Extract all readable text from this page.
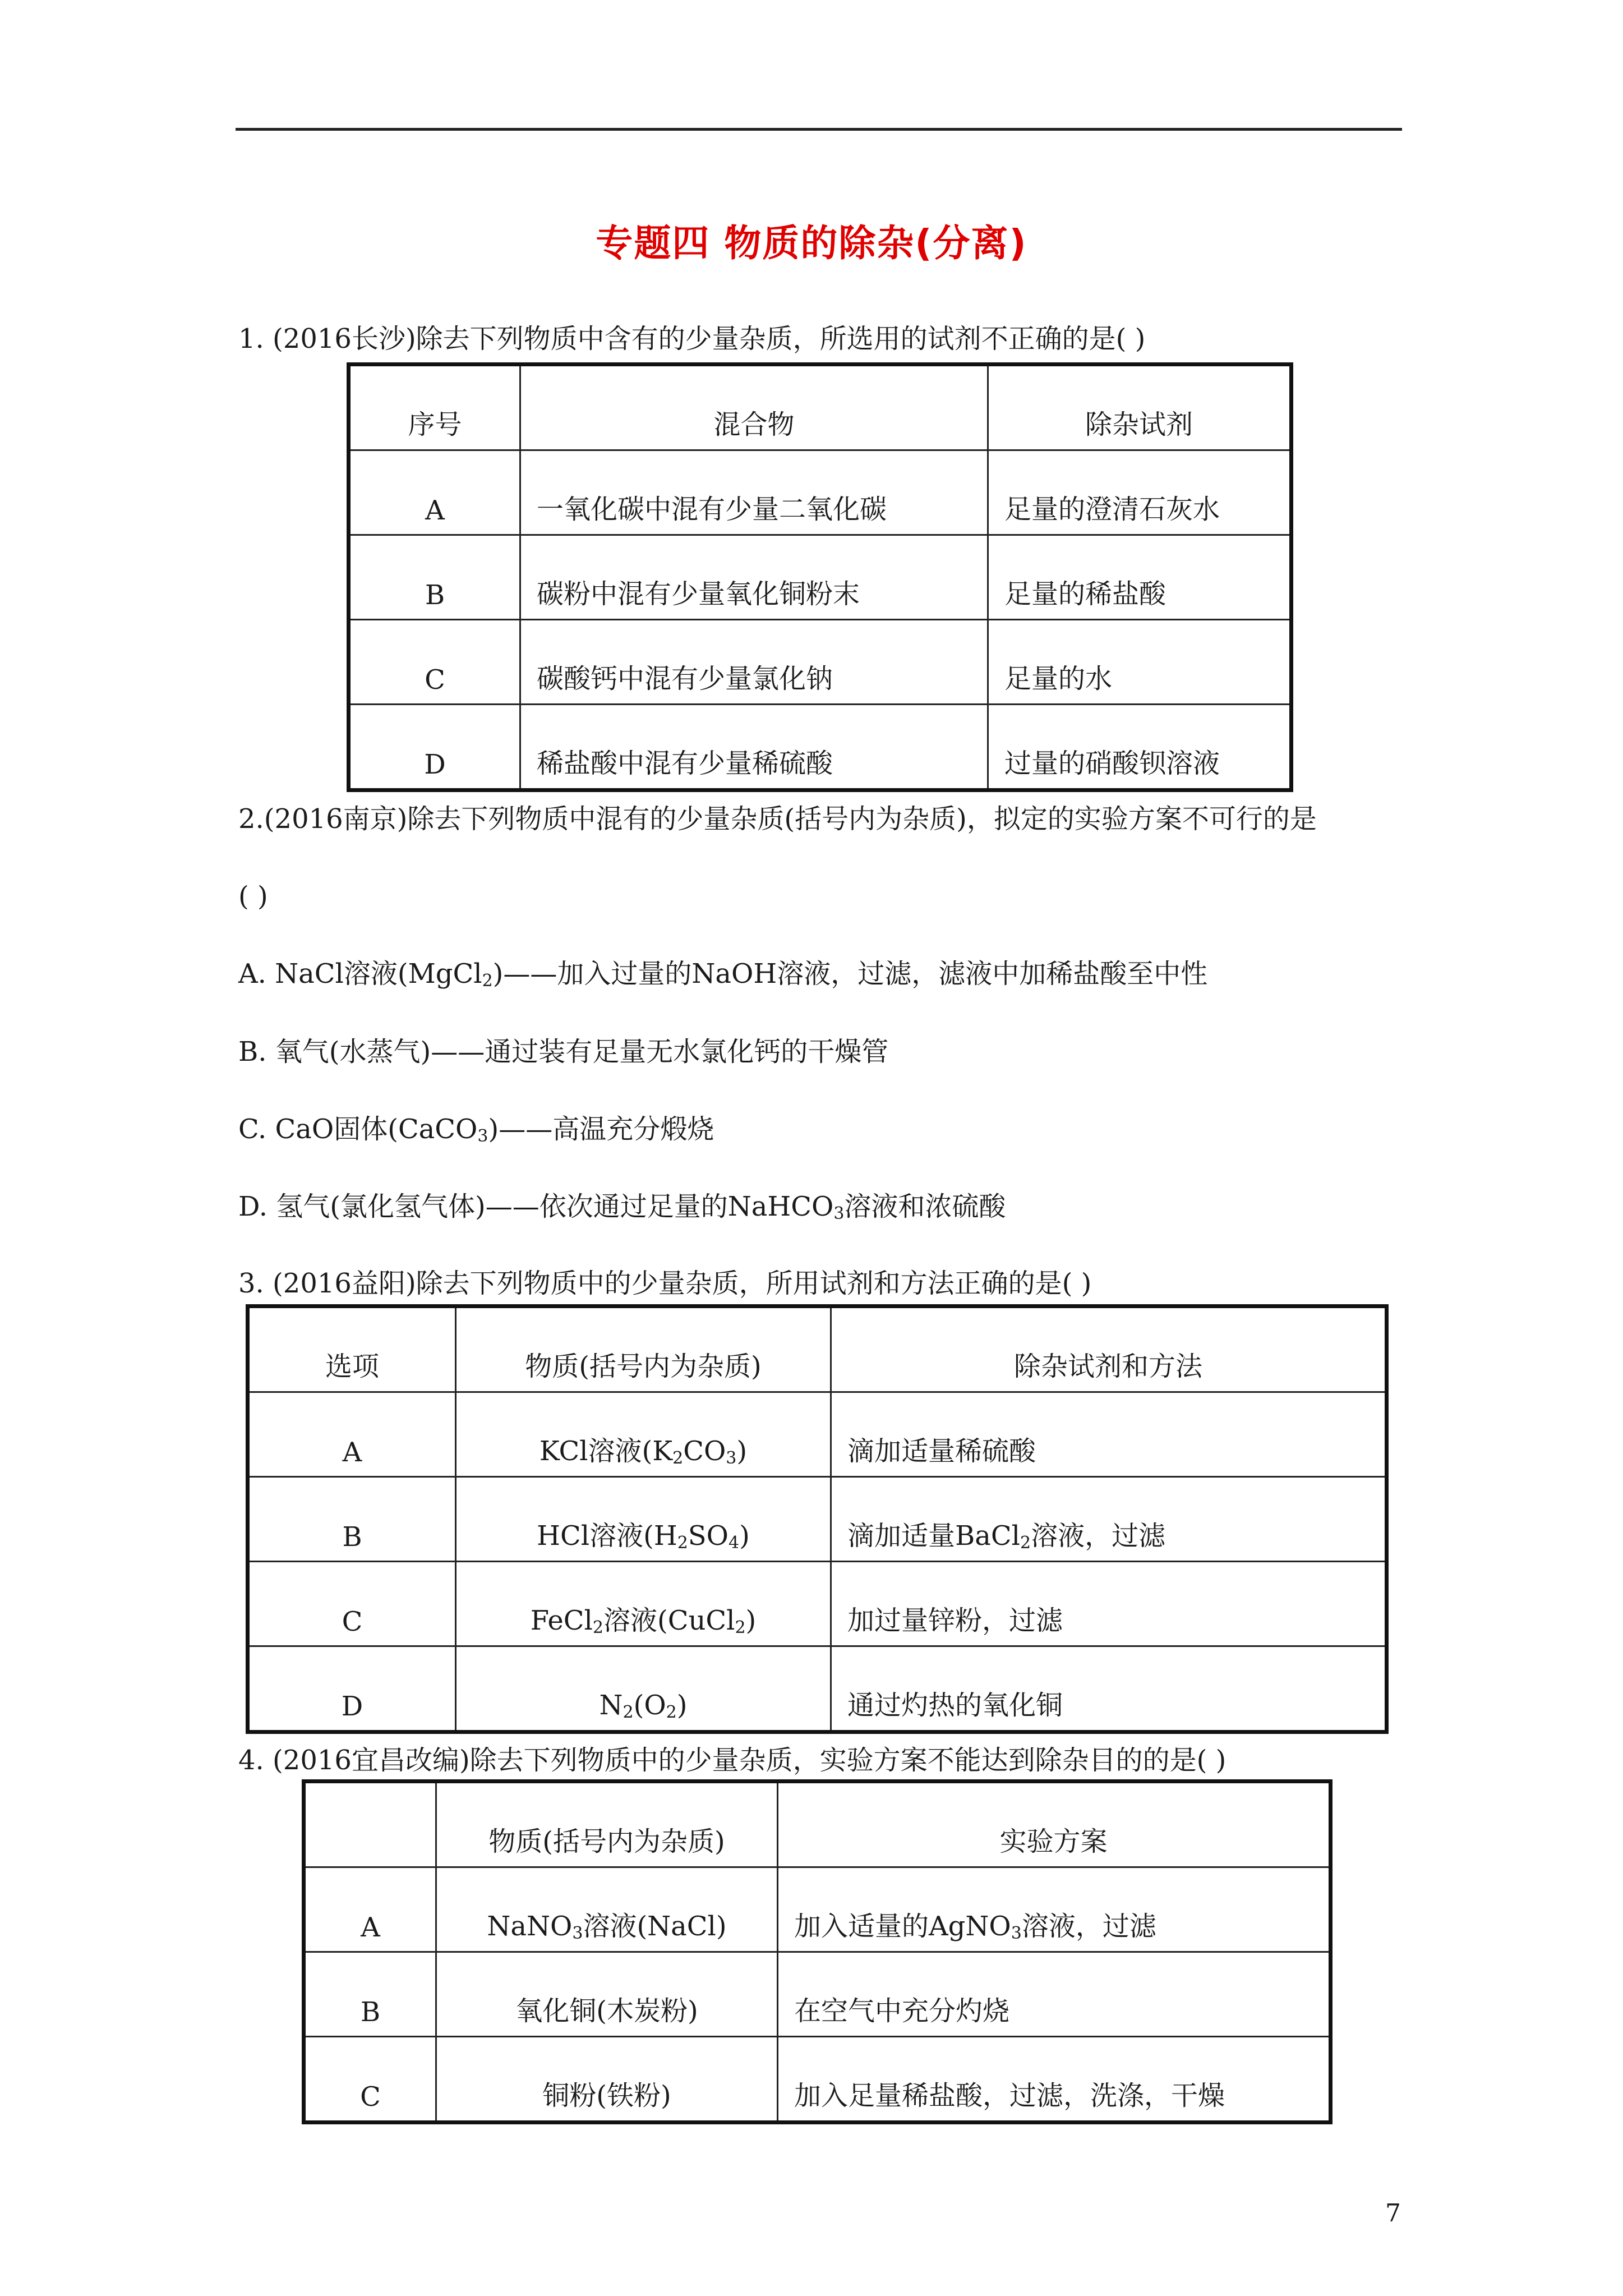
专题四 物质的除杂(分离)
1. (2016长沙)除去下列物质中含有的少量杂质，所选用的试剂不正确的是( )
序号	混合物	除杂试剂
A	一氧化碳中混有少量二氧化碳	足量的澄清石灰水
B	碳粉中混有少量氧化铜粉末	足量的稀盐酸
C	碳酸钙中混有少量氯化钠	足量的水
D	稀盐酸中混有少量稀硫酸	过量的硝酸钡溶液
2.(2016南京)除去下列物质中混有的少量杂质(括号内为杂质)，拟定的实验方案不可行的是
( )
A. NaCl溶液(MgCl$_2$)——加入过量的NaOH溶液，过滤，滤液中加稀盐酸至中性
B. 氧气(水蒸气)——通过装有足量无水氯化钙的干燥管
C. CaO固体(CaCO$_3$)——高温充分煅烧
D. 氢气(氯化氢气体)——依次通过足量的NaHCO$_3$溶液和浓硫酸
3. (2016益阳)除去下列物质中的少量杂质，所用试剂和方法正确的是( )
选项	物质(括号内为杂质)	除杂试剂和方法
A	KCl溶液$(K_2CO_3)$	滴加适量稀硫酸
B	HCl溶液$(H_2SO_4)$	滴加适量BaCl$_2$溶液，过滤
C	FeCl$_2$溶液(CuCl$_2$)	加过量锌粉，过滤
D	$N_2(O_2)$	通过灼热的氧化铜
4. (2016宜昌改编)除去下列物质中的少量杂质，实验方案不能达到除杂目的的是( )
	物质(括号内为杂质)	实验方案
A	NaNO$_3$溶液(NaCl)	加入适量的AgNO$_3$溶液，过滤
B	氧化铜(木炭粉)	在空气中充分灼烧
C	铜粉(铁粉)	加入足量稀盐酸，过滤，洗涤，干燥
7
